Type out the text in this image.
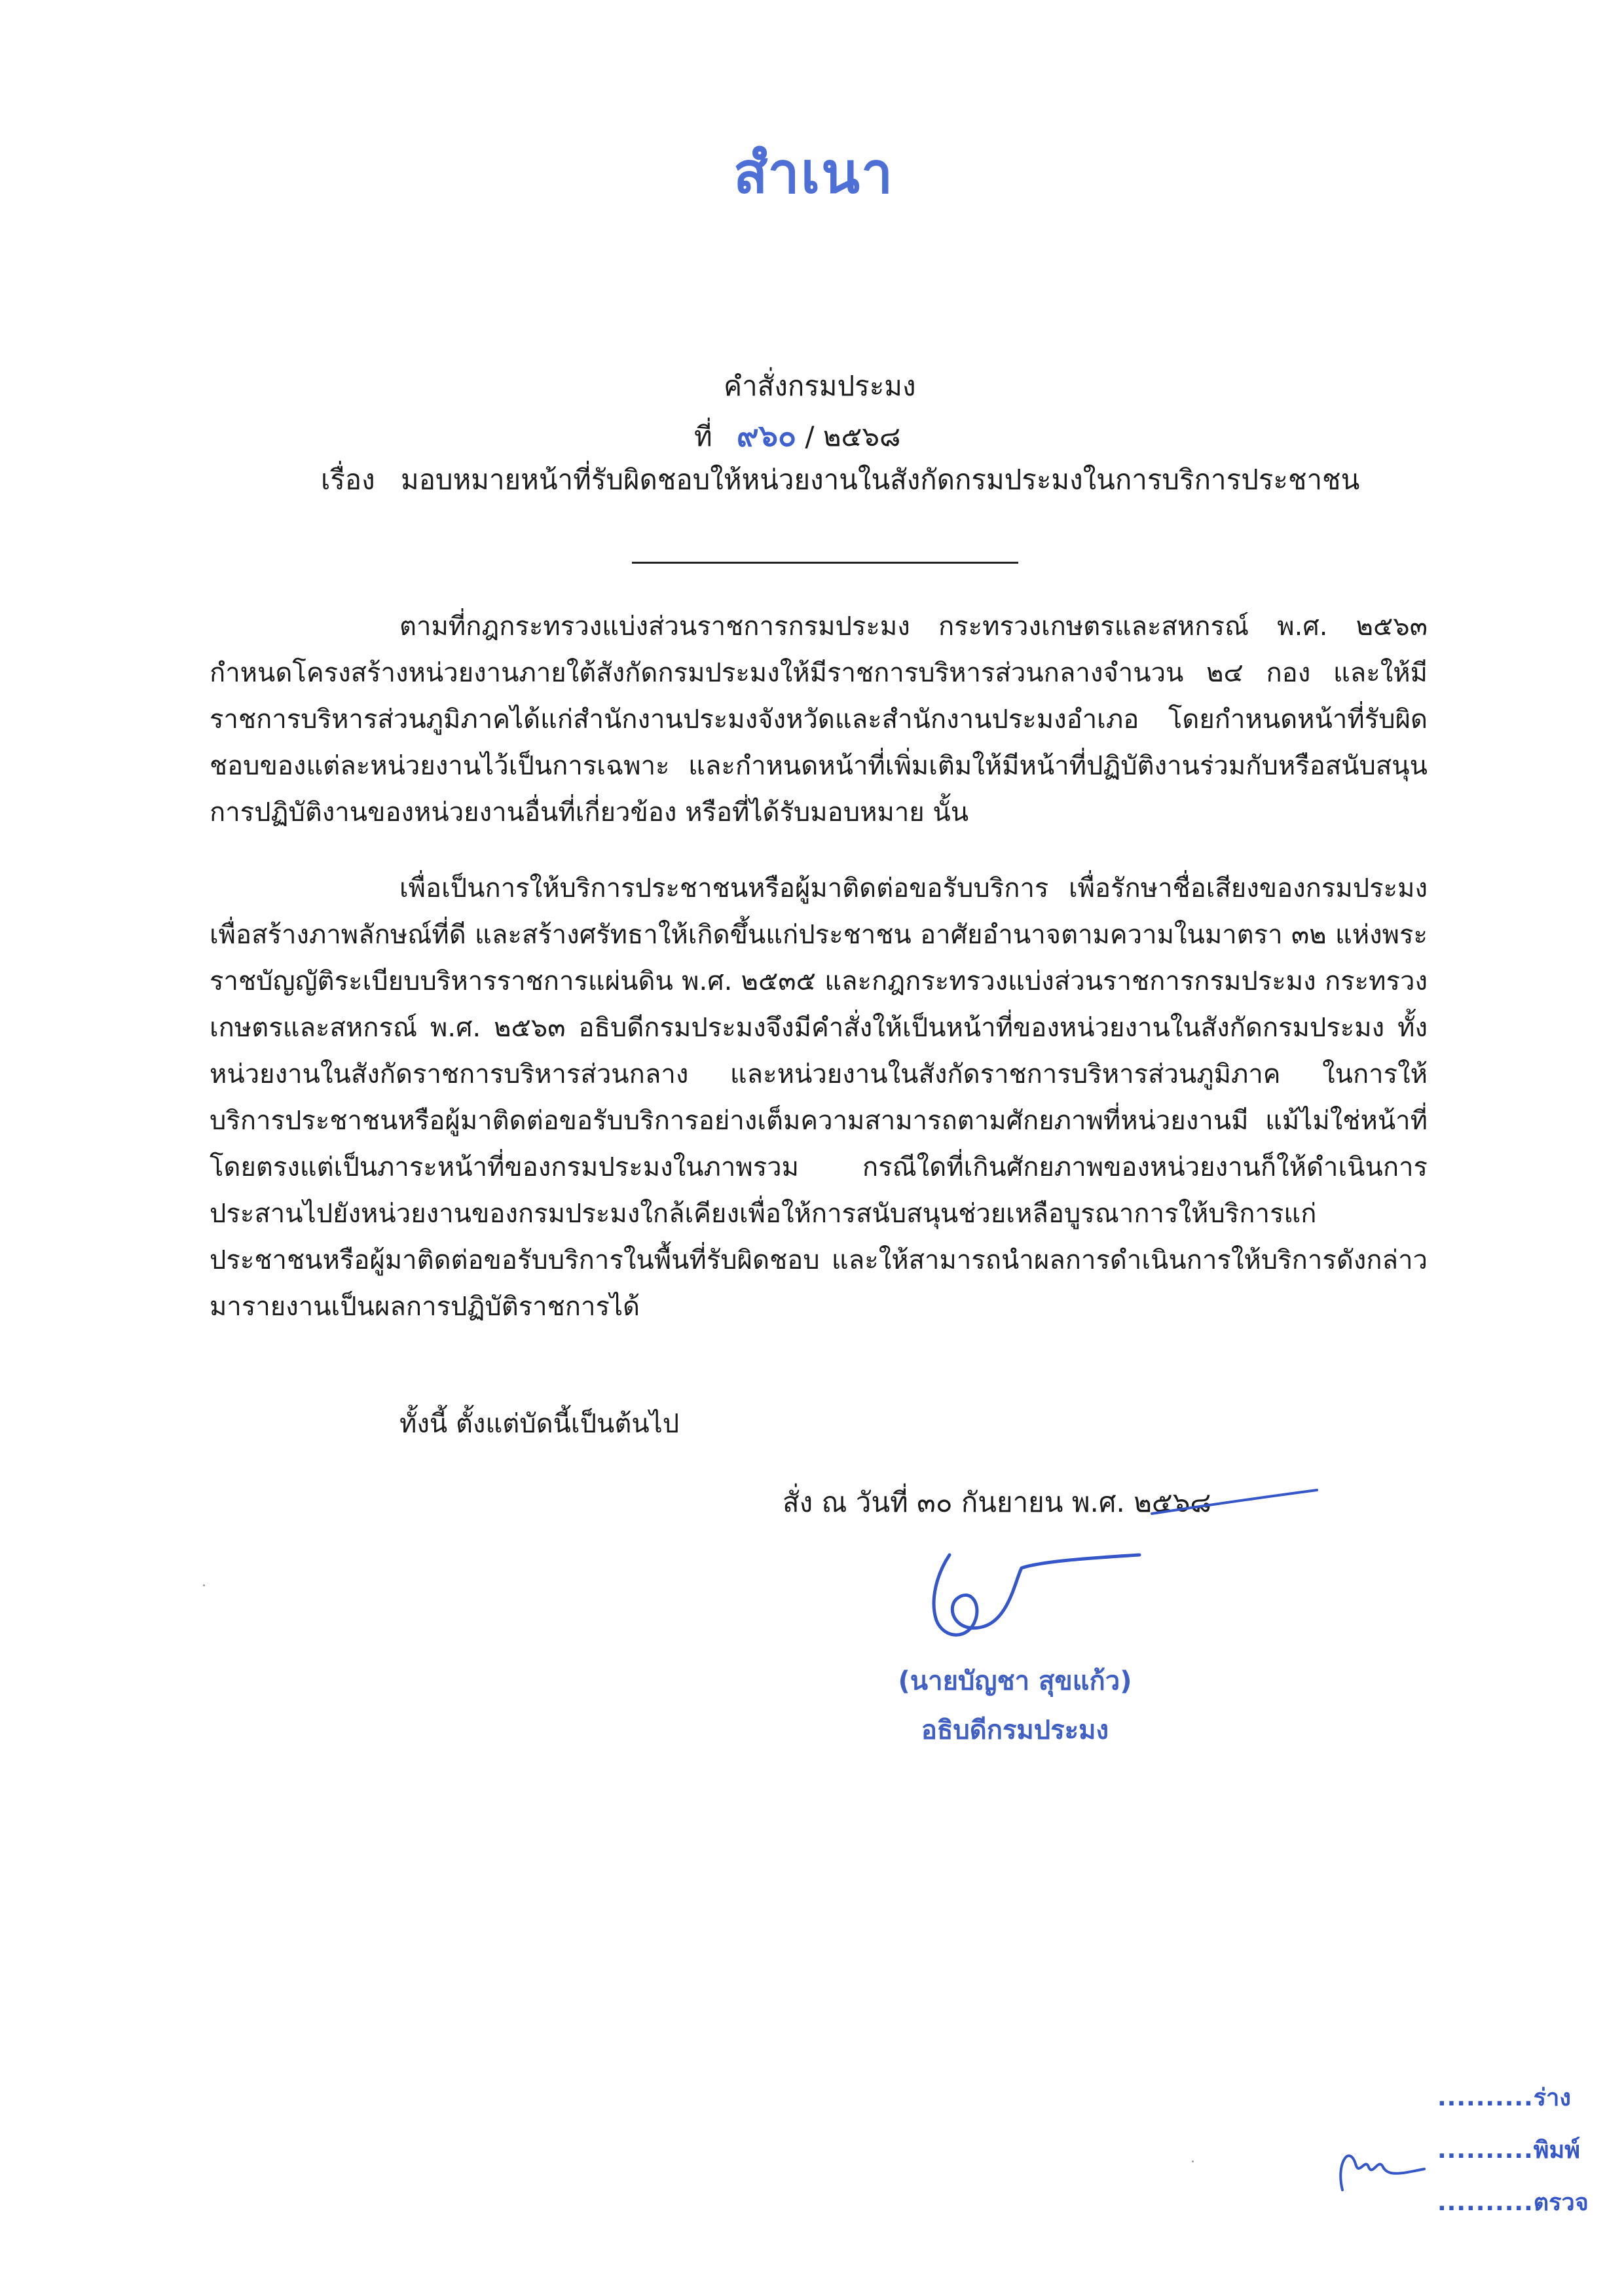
สำเนา
คำสั่งกรมประมง
ที่ ๙๖๐ / ๒๕๖๘
เรื่อง มอบหมายหน้าที่รับผิดชอบให้หน่วยงานในสังกัดกรมประมงในการบริการประชาชน

ตามที่กฎกระทรวงแบ่งส่วนราชการกรมประมง กระทรวงเกษตรและสหกรณ์ พ.ศ. ๒๕๖๓ กำหนดโครงสร้างหน่วยงานภายใต้สังกัดกรมประมงให้มีราชการบริหารส่วนกลางจำนวน ๒๔ กอง และให้มีราชการบริหารส่วนภูมิภาคได้แก่สำนักงานประมงจังหวัดและสำนักงานประมงอำเภอ โดยกำหนดหน้าที่รับผิดชอบของแต่ละหน่วยงานไว้เป็นการเฉพาะ และกำหนดหน้าที่เพิ่มเติมให้มีหน้าที่ปฏิบัติงานร่วมกับหรือสนับสนุนการปฏิบัติงานของหน่วยงานอื่นที่เกี่ยวข้อง หรือที่ได้รับมอบหมาย นั้น

เพื่อเป็นการให้บริการประชาชนหรือผู้มาติดต่อขอรับบริการ เพื่อรักษาชื่อเสียงของกรมประมง เพื่อสร้างภาพลักษณ์ที่ดี และสร้างศรัทธาให้เกิดขึ้นแก่ประชาชน อาศัยอำนาจตามความในมาตรา ๓๒ แห่งพระราชบัญญัติระเบียบบริหารราชการแผ่นดิน พ.ศ. ๒๕๓๕ และกฎกระทรวงแบ่งส่วนราชการกรมประมง กระทรวงเกษตรและสหกรณ์ พ.ศ. ๒๕๖๓ อธิบดีกรมประมงจึงมีคำสั่งให้เป็นหน้าที่ของหน่วยงานในสังกัดกรมประมง ทั้งหน่วยงานในสังกัดราชการบริหารส่วนกลาง และหน่วยงานในสังกัดราชการบริหารส่วนภูมิภาค ในการให้บริการประชาชนหรือผู้มาติดต่อขอรับบริการอย่างเต็มความสามารถตามศักยภาพที่หน่วยงานมี แม้ไม่ใช่หน้าที่โดยตรงแต่เป็นภาระหน้าที่ของกรมประมงในภาพรวม กรณีใดที่เกินศักยภาพของหน่วยงานก็ให้ดำเนินการประสานไปยังหน่วยงานของกรมประมงใกล้เคียงเพื่อให้การสนับสนุนช่วยเหลือบูรณาการให้บริการแก่ประชาชนหรือผู้มาติดต่อขอรับบริการในพื้นที่รับผิดชอบ และให้สามารถนำผลการดำเนินการให้บริการดังกล่าวมารายงานเป็นผลการปฏิบัติราชการได้

ทั้งนี้ ตั้งแต่บัดนี้เป็นต้นไป

สั่ง ณ วันที่ ๓๐ กันยายน พ.ศ. ๒๕๖๘
(นายบัญชา สุขแก้ว)
อธิบดีกรมประมง
..........ร่าง
..........พิมพ์
..........ตรวจ
